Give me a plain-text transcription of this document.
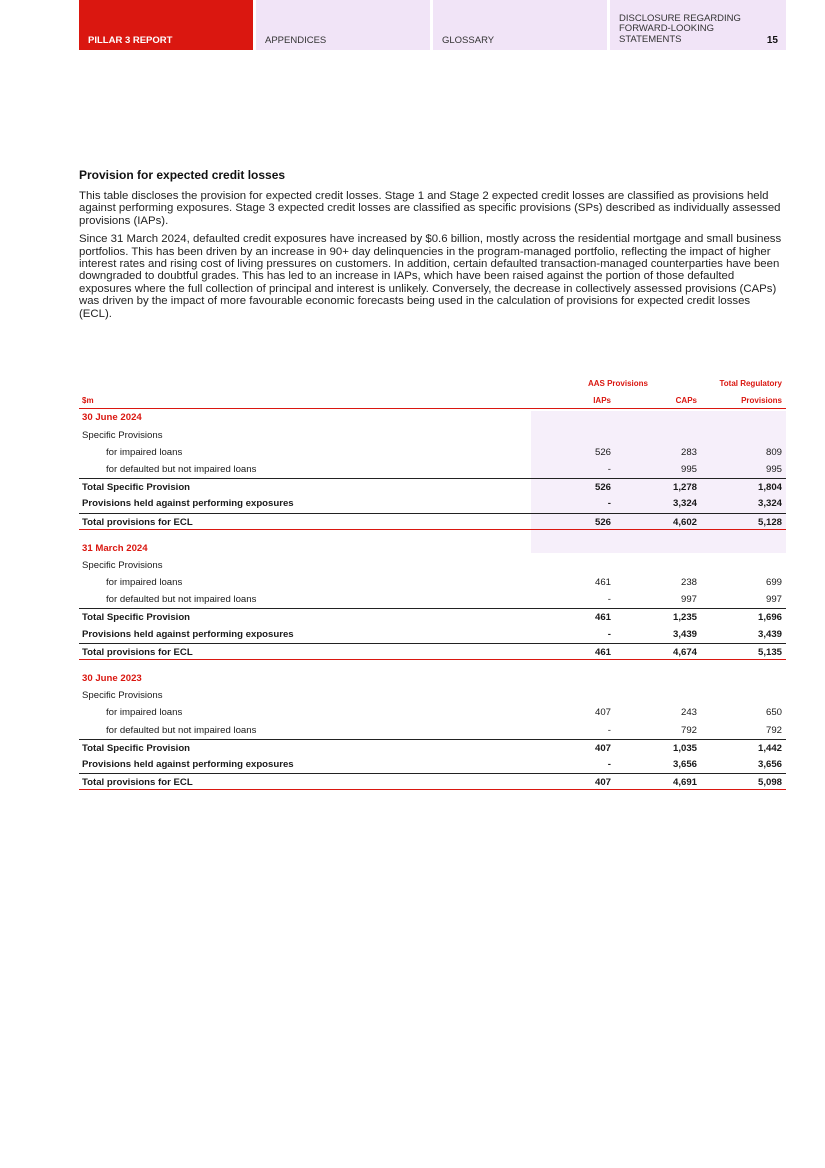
PILLAR 3 REPORT	APPENDICES	GLOSSARY
DISCLOSURE REGARDING FORWARD-LOOKING STATEMENTS	15
Provision for expected credit losses

This table discloses the provision for expected credit losses. Stage 1 and Stage 2 expected credit losses are classified as provisions held against performing exposures. Stage 3 expected credit losses are classified as specific provisions (SPs) described as individually assessed provisions (IAPs).

Since 31 March 2024, defaulted credit exposures have increased by $0.6 billion, mostly across the residential mortgage and small business portfolios. This has been driven by an increase in 90+ day delinquencies in the program-managed portfolio, reflecting the impact of higher interest rates and rising cost of living pressures on customers. In addition, certain defaulted transaction-managed counterparties have been downgraded to doubtful grades. This has led to an increase in IAPs, which have been raised against the portion of those defaulted exposures where the full collection of principal and interest is unlikely. Conversely, the decrease in collectively assessed provisions (CAPs) was driven by the impact of more favourable economic forecasts being used in the calculation of provisions for expected credit losses (ECL).

AAS Provisions	Total Regulatory
$m	IAPs	CAPs	Provisions
30 June 2024
Specific Provisions
for impaired loans	526	283	809
for defaulted but not impaired loans	-	995	995
Total Specific Provision	526	1,278	1,804
Provisions held against performing exposures	-	3,324	3,324
Total provisions for ECL	526	4,602	5,128
31 March 2024
Specific Provisions
for impaired loans	461	238	699
for defaulted but not impaired loans	-	997	997
Total Specific Provision	461	1,235	1,696
Provisions held against performing exposures	-	3,439	3,439
Total provisions for ECL	461	4,674	5,135
30 June 2023
Specific Provisions
for impaired loans	407	243	650
for defaulted but not impaired loans	-	792	792
Total Specific Provision	407	1,035	1,442
Provisions held against performing exposures	-	3,656	3,656
Total provisions for ECL	407	4,691	5,098
